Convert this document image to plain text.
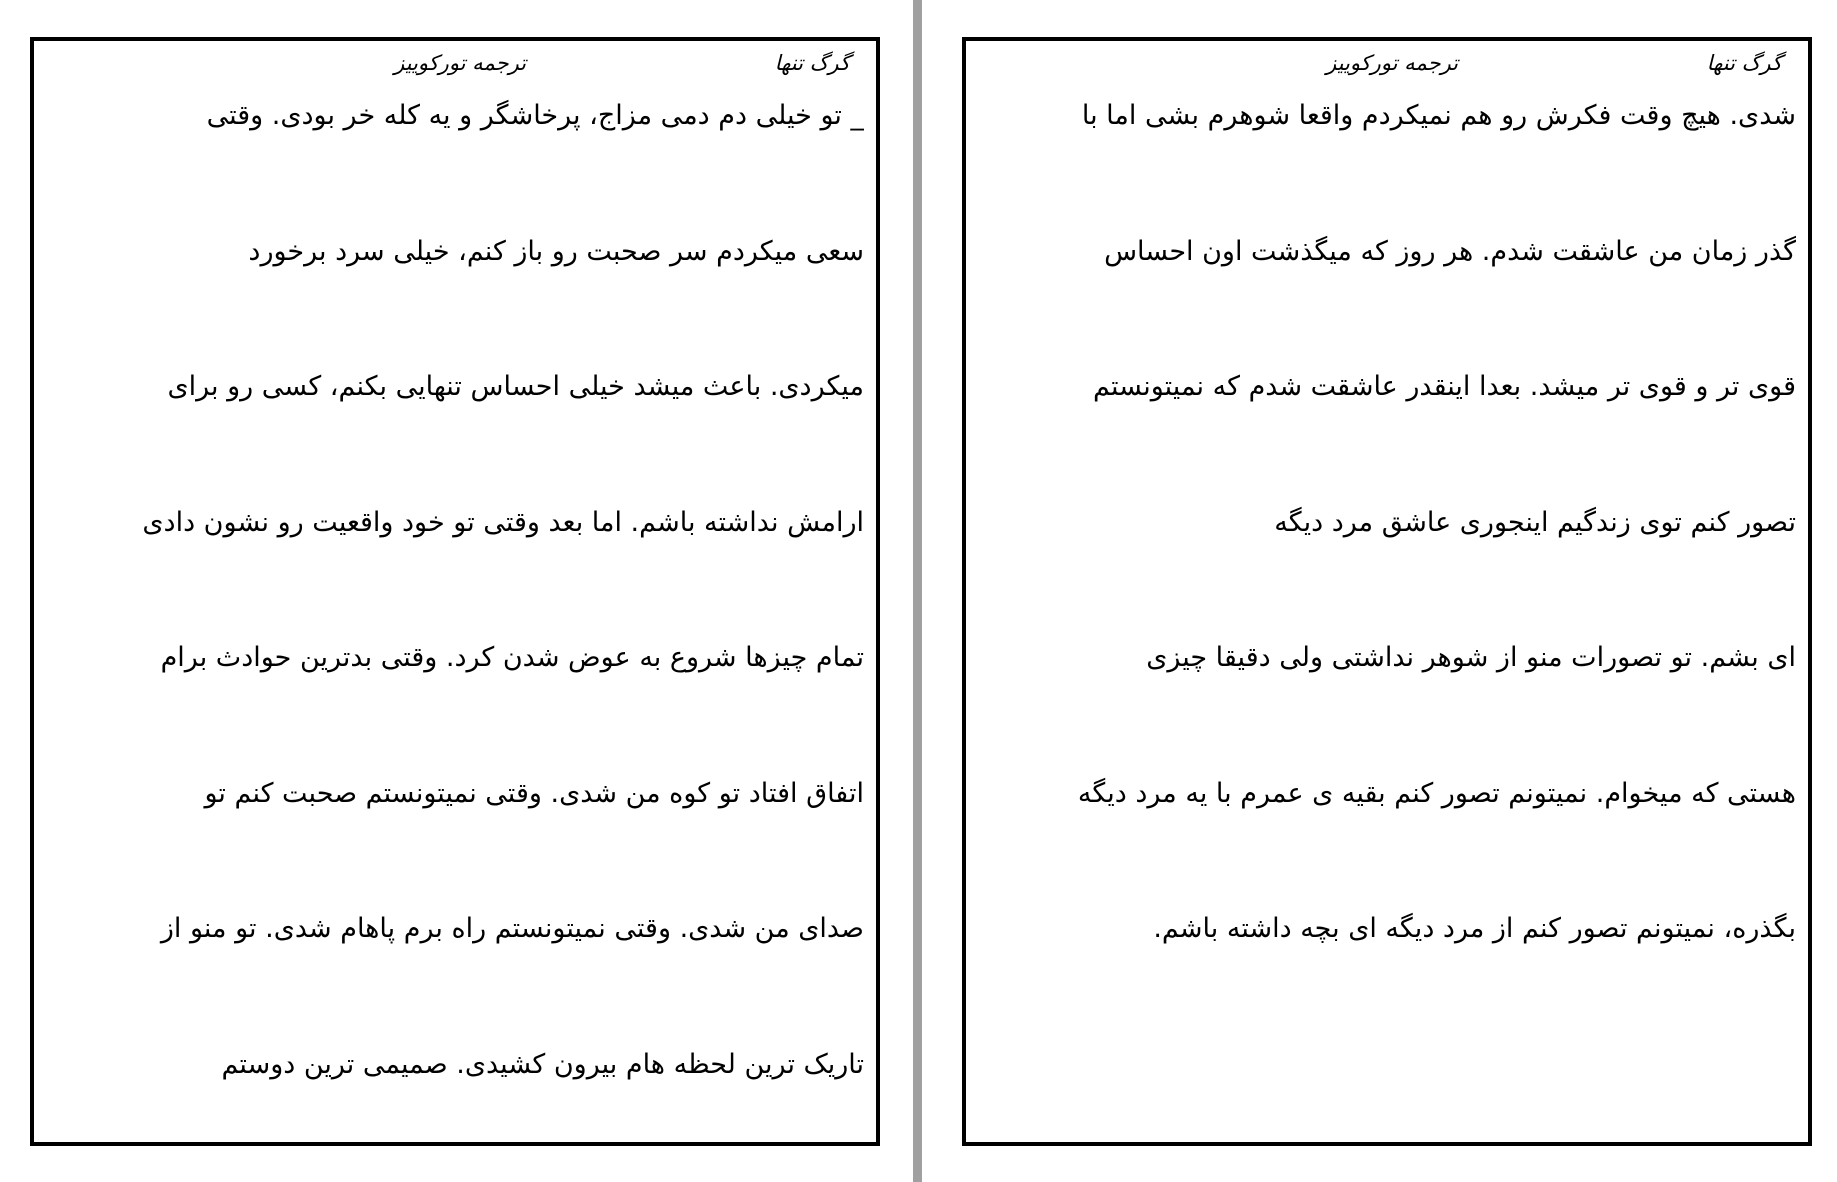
گرگ تنها
ترجمه تورکوییز
_ تو خیلی دم دمی مزاج، پرخاشگر و یه کله خر بودی. وقتی
سعی میکردم سر صحبت رو باز کنم، خیلی سرد برخورد
میکردی. باعث میشد خیلی احساس تنهایی بکنم، کسی رو برای
ارامش نداشته باشم. اما بعد وقتی تو خود واقعیت رو نشون دادی
تمام چیزها شروع به عوض شدن کرد. وقتی بدترین حوادث برام
اتفاق افتاد تو کوه من شدی. وقتی نمیتونستم صحبت کنم تو
صدای من شدی. وقتی نمیتونستم راه برم پاهام شدی. تو منو از
تاریک ترین لحظه هام بیرون کشیدی. صمیمی ترین دوستم
گرگ تنها
ترجمه تورکوییز
شدی. هیچ وقت فکرش رو هم نمیکردم واقعا شوهرم بشی اما با
گذر زمان من عاشقت شدم. هر روز که میگذشت اون احساس
قوی تر و قوی تر میشد. بعدا اینقدر عاشقت شدم که نمیتونستم
تصور کنم توی زندگیم اینجوری عاشق مرد دیگه
ای بشم. تو تصورات منو از شوهر نداشتی ولی دقیقا چیزی
هستی که میخوام. نمیتونم تصور کنم بقیه ی عمرم با یه مرد دیگه
بگذره، نمیتونم تصور کنم از مرد دیگه ای بچه داشته باشم.
